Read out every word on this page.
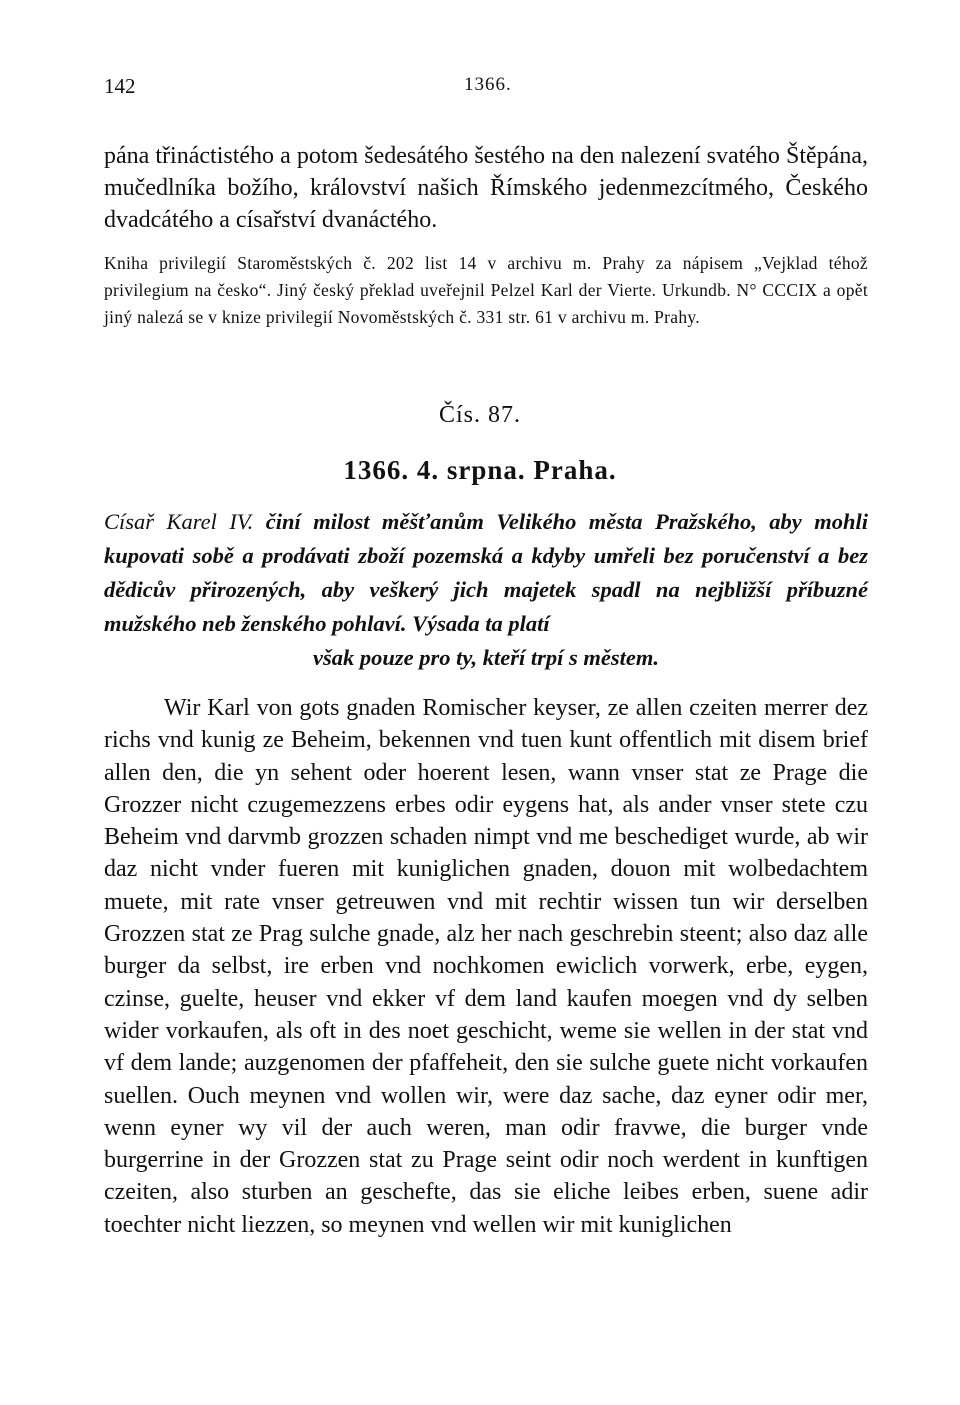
142	1366.
pána třináctistého a potom šedesátého šestého na den nalezení svatého Štěpána, mučedlníka božího, království našich Římského jedenmezcítmého, Českého dvadcátého a císařství dvanáctého.
Kniha privilegií Staroměstských č. 202 list 14 v archivu m. Prahy za nápisem „Vejklad téhož privilegium na česko“. Jiný český překlad uveřejnil Pelzel Karl der Vierte. Urkundb. N° CCCIX a opět jiný nalezá se v knize privilegií Novoměstských č. 331 str. 61 v archivu m. Prahy.
Čís. 87.
1366. 4. srpna. Praha.
Císař Karel IV. činí milost měšťanům Velikého města Pražského, aby mohli kupovati sobě a prodávati zboží pozemská a kdyby umřeli bez poručenství a bez dědicův přirozených, aby veškerý jich majetek spadl na nejbližší příbuzné mužského neb ženského pohlaví. Výsada ta platí
však pouze pro ty, kteří trpí s městem.
Wir Karl von gots gnaden Romischer keyser, ze allen czeiten merrer dez richs vnd kunig ze Beheim, bekennen vnd tuen kunt offentlich mit disem brief allen den, die yn sehent oder hoerent lesen, wann vnser stat ze Prage die Grozzer nicht czugemezzens erbes odir eygens hat, als ander vnser stete czu Beheim vnd darvmb grozzen schaden nimpt vnd me beschediget wurde, ab wir daz nicht vnder fueren mit kuniglichen gnaden, douon mit wolbedachtem muete, mit rate vnser getreuwen vnd mit rechtir wissen tun wir derselben Grozzen stat ze Prag sulche gnade, alz her nach geschrebin steent; also daz alle burger da selbst, ire erben vnd nochkomen ewiclich vorwerk, erbe, eygen, czinse, guelte, heuser vnd ekker vf dem land kaufen moegen vnd dy selben wider vorkaufen, als oft in des noet geschicht, weme sie wellen in der stat vnd vf dem lande; auzgenomen der pfaffeheit, den sie sulche guete nicht vorkaufen suellen. Ouch meynen vnd wollen wir, were daz sache, daz eyner odir mer, wenn eyner wy vil der auch weren, man odir fravwe, die burger vnde burgerrine in der Grozzen stat zu Prage seint odir noch werdent in kunftigen czeiten, also sturben an geschefte, das sie eliche leibes erben, suene adir toechter nicht liezzen, so meynen vnd wellen wir mit kuniglichen
